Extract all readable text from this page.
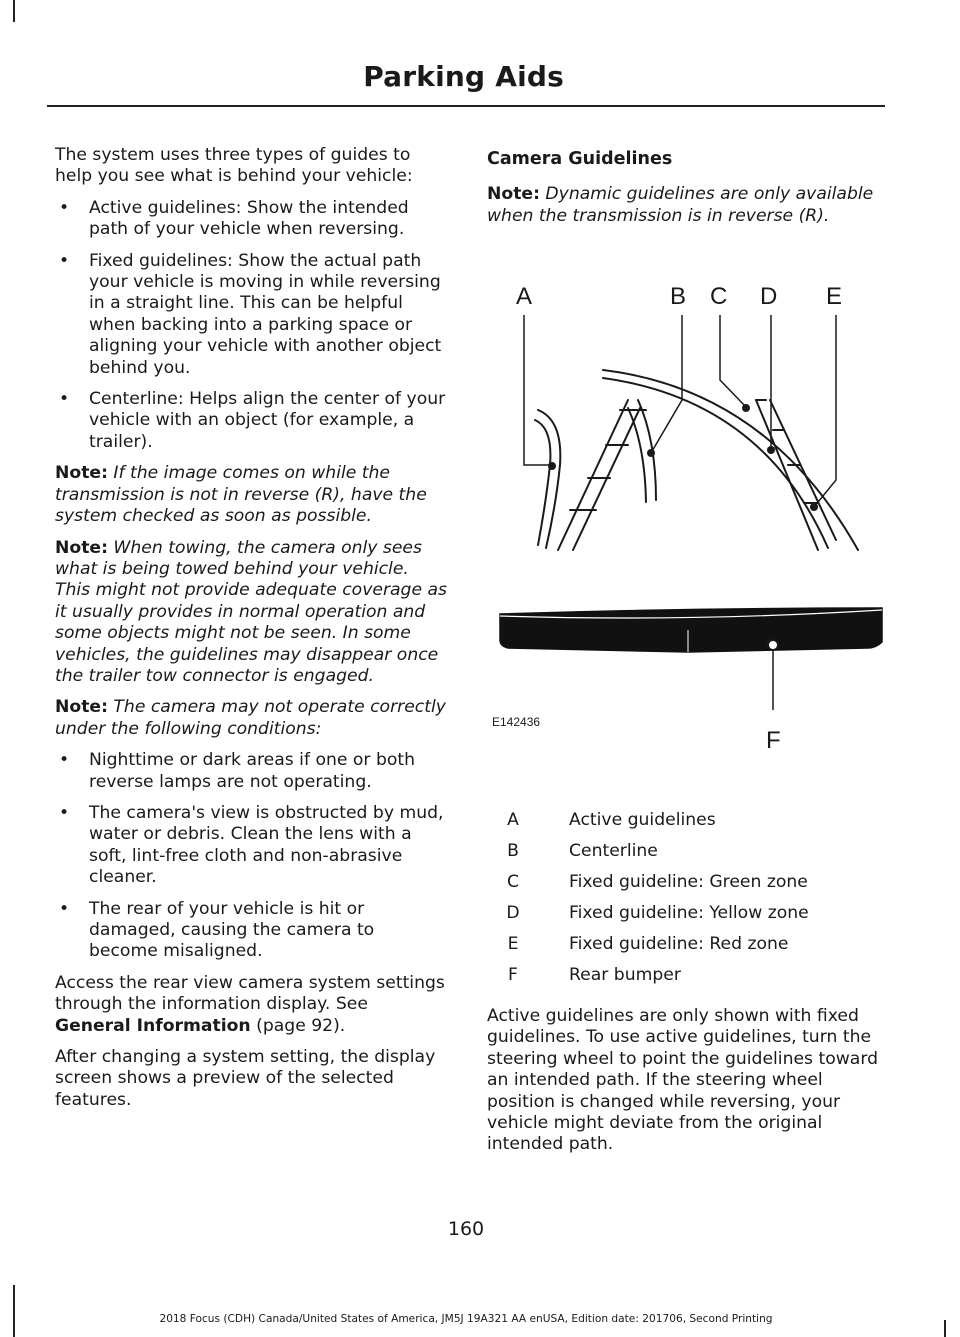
Parking Aids

The system uses three types of guides to help you see what is behind your vehicle:

• Active guidelines: Show the intended path of your vehicle when reversing.
• Fixed guidelines: Show the actual path your vehicle is moving in while reversing in a straight line. This can be helpful when backing into a parking space or aligning your vehicle with another object behind you.
• Centerline: Helps align the center of your vehicle with an object (for example, a trailer).

Note: If the image comes on while the transmission is not in reverse (R), have the system checked as soon as possible.

Note: When towing, the camera only sees what is being towed behind your vehicle. This might not provide adequate coverage as it usually provides in normal operation and some objects might not be seen. In some vehicles, the guidelines may disappear once the trailer tow connector is engaged.

Note: The camera may not operate correctly under the following conditions:

• Nighttime or dark areas if one or both reverse lamps are not operating.
• The camera's view is obstructed by mud, water or debris. Clean the lens with a soft, lint-free cloth and non-abrasive cleaner.
• The rear of your vehicle is hit or damaged, causing the camera to become misaligned.

Access the rear view camera system settings through the information display. See General Information (page 92).

After changing a system setting, the display screen shows a preview of the selected features.

Camera Guidelines

Note: Dynamic guidelines are only available when the transmission is in reverse (R).

A	B C D E
F
E142436
A	Active guidelines
B	Centerline
C	Fixed guideline: Green zone
D	Fixed guideline: Yellow zone
E	Fixed guideline: Red zone
F	Rear bumper

Active guidelines are only shown with fixed guidelines. To use active guidelines, turn the steering wheel to point the guidelines toward an intended path. If the steering wheel position is changed while reversing, your vehicle might deviate from the original intended path.

160
2018 Focus (CDH) Canada/United States of America, JM5J 19A321 AA enUSA, Edition date: 201706, Second Printing
